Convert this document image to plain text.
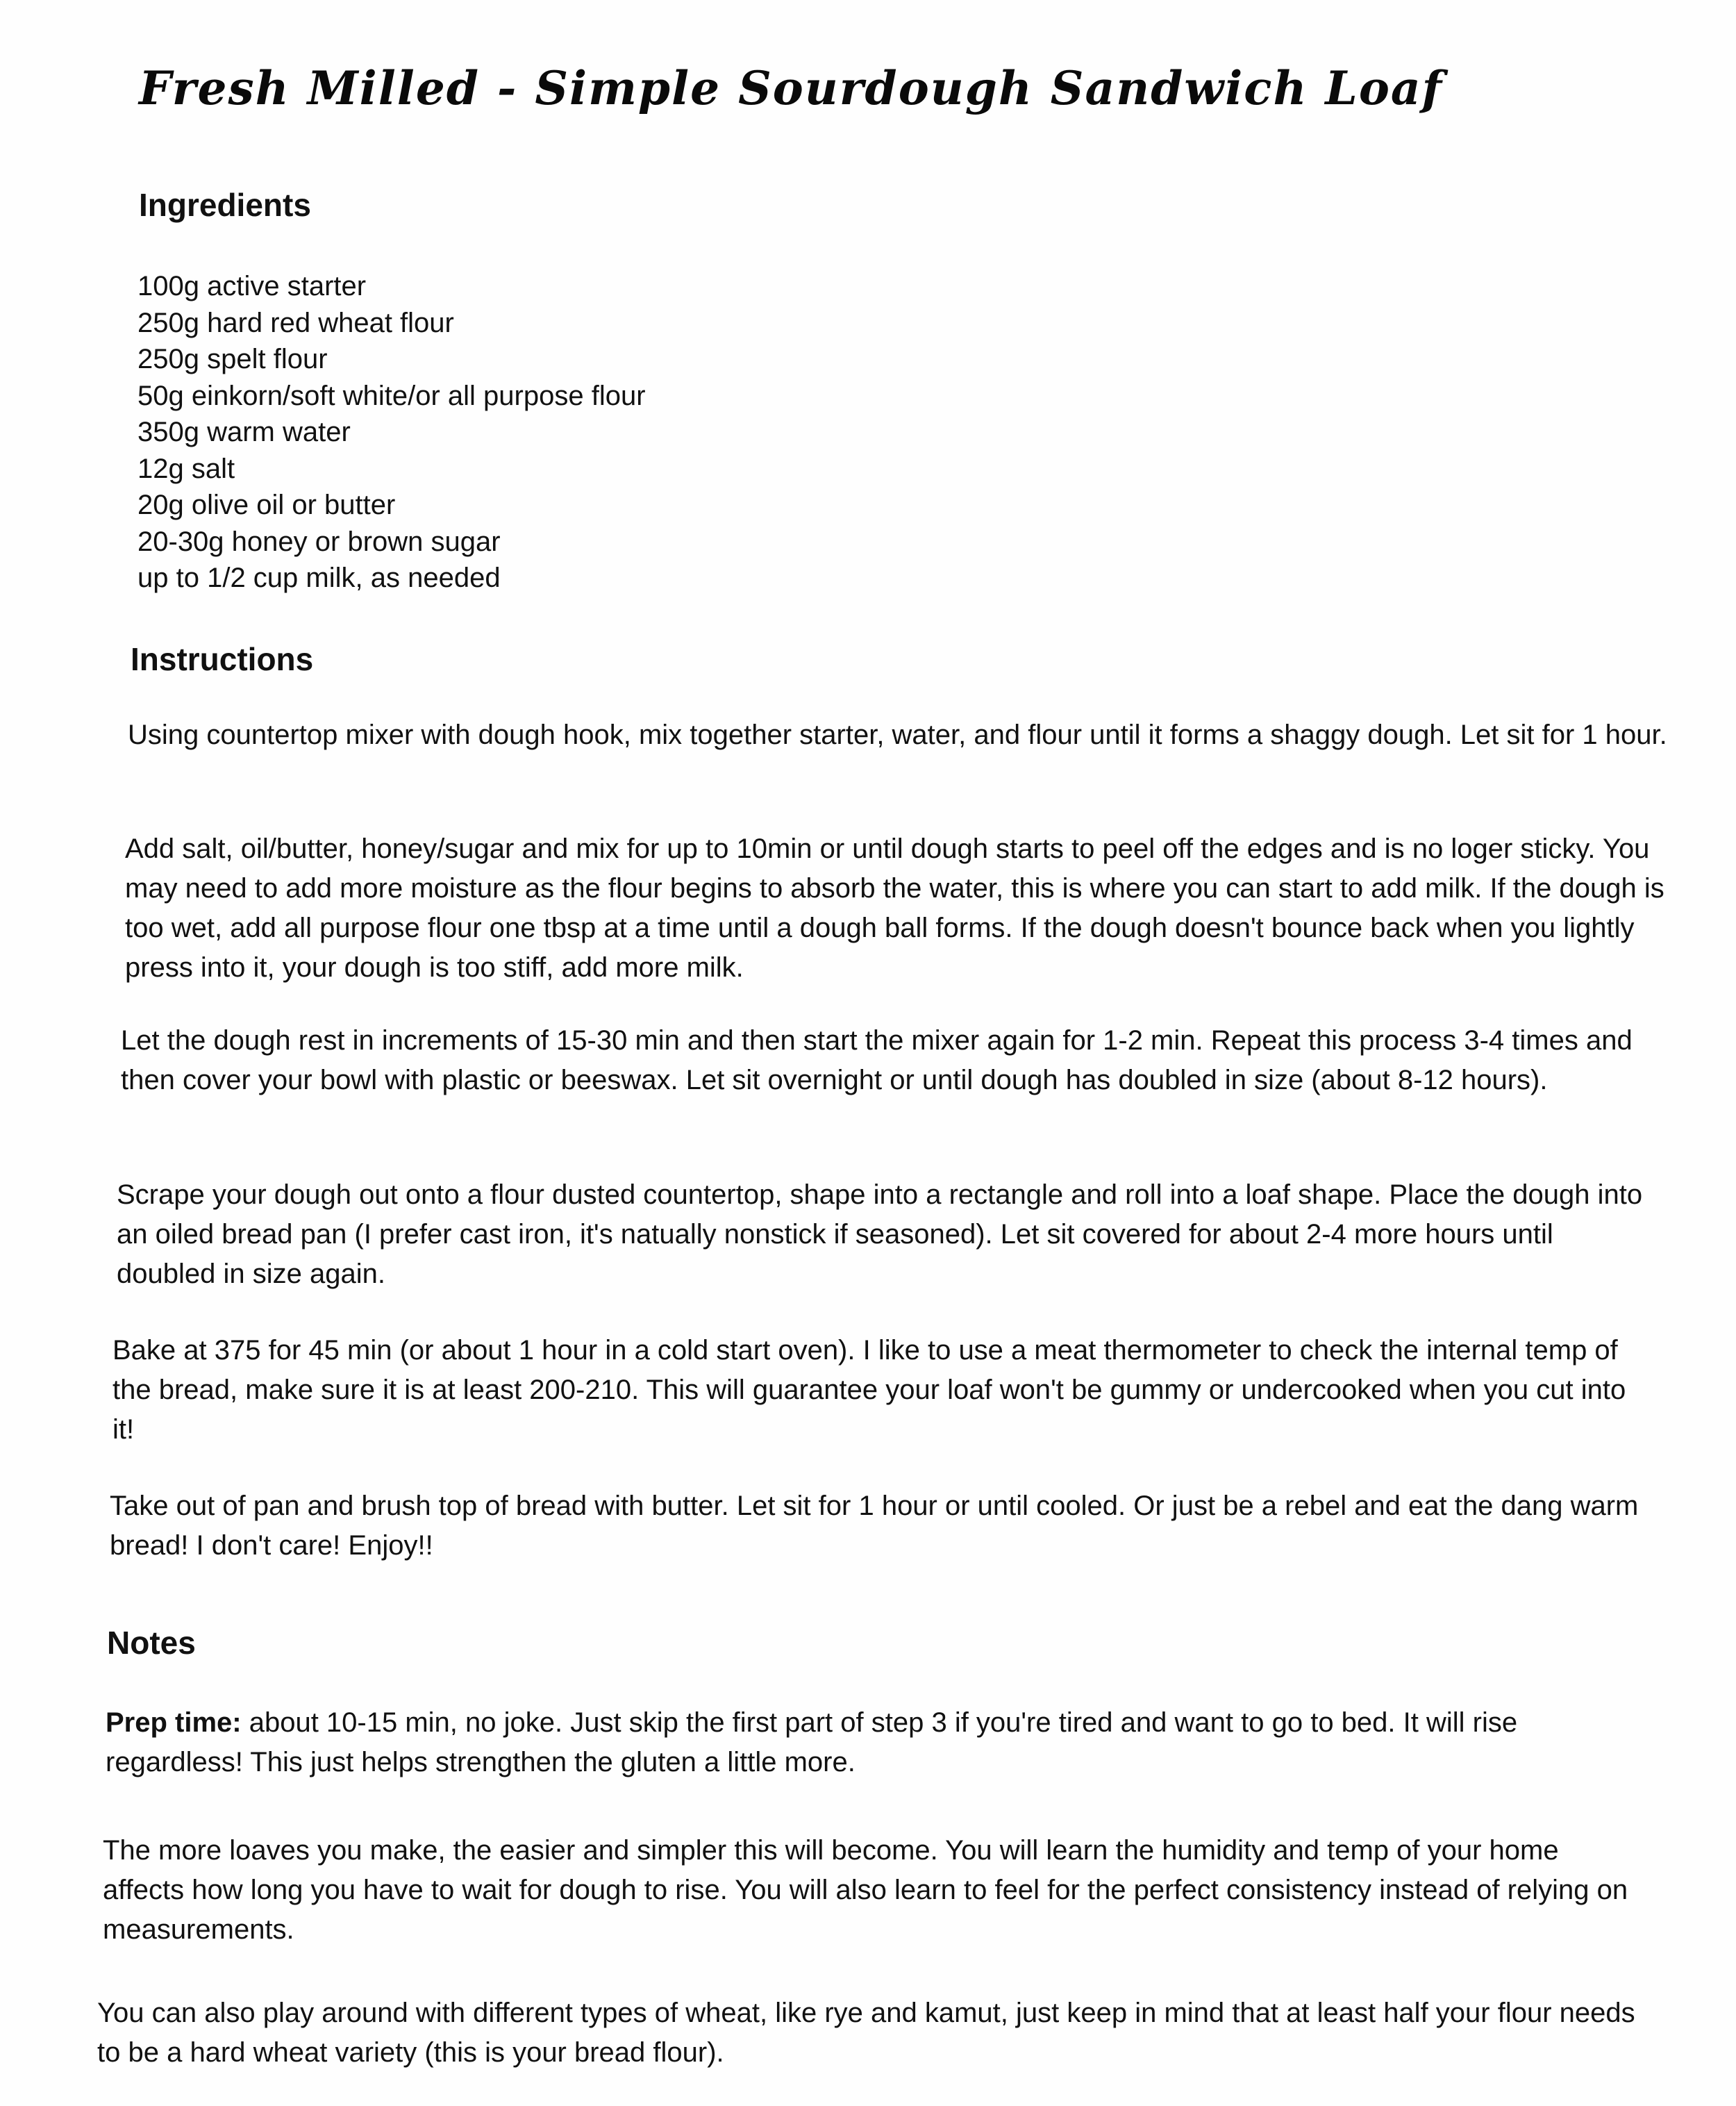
Fresh Milled - Simple Sourdough Sandwich Loaf
Ingredients
100g active starter
250g hard red wheat flour
250g spelt flour
50g einkorn/soft white/or all purpose flour
350g warm water
12g salt
20g olive oil or butter
20-30g honey or brown sugar
up to 1/2 cup milk, as needed
Instructions

Using countertop mixer with dough hook, mix together starter, water, and flour until it forms a shaggy dough. Let sit for 1 hour.

Add salt, oil/butter, honey/sugar and mix for up to 10min or until dough starts to peel off the edges and is no loger sticky. You may need to add more moisture as the flour begins to absorb the water, this is where you can start to add milk. If the dough is too wet, add all purpose flour one tbsp at a time until a dough ball forms. If the dough doesn't bounce back when you lightly press into it, your dough is too stiff, add more milk.

Let the dough rest in increments of 15-30 min and then start the mixer again for 1-2 min. Repeat this process 3-4 times and then cover your bowl with plastic or beeswax. Let sit overnight or until dough has doubled in size (about 8-12 hours).

Scrape your dough out onto a flour dusted countertop, shape into a rectangle and roll into a loaf shape. Place the dough into an oiled bread pan (I prefer cast iron, it's natually nonstick if seasoned). Let sit covered for about 2-4 more hours until doubled in size again.

Bake at 375 for 45 min (or about 1 hour in a cold start oven). I like to use a meat thermometer to check the internal temp of the bread, make sure it is at least 200-210. This will guarantee your loaf won't be gummy or undercooked when you cut into it!

Take out of pan and brush top of bread with butter. Let sit for 1 hour or until cooled. Or just be a rebel and eat the dang warm bread! I don't care! Enjoy!!

Notes

Prep time: about 10-15 min, no joke. Just skip the first part of step 3 if you're tired and want to go to bed. It will rise regardless! This just helps strengthen the gluten a little more.

The more loaves you make, the easier and simpler this will become. You will learn the humidity and temp of your home affects how long you have to wait for dough to rise. You will also learn to feel for the perfect consistency instead of relying on measurements.

You can also play around with different types of wheat, like rye and kamut, just keep in mind that at least half your flour needs to be a hard wheat variety (this is your bread flour).
